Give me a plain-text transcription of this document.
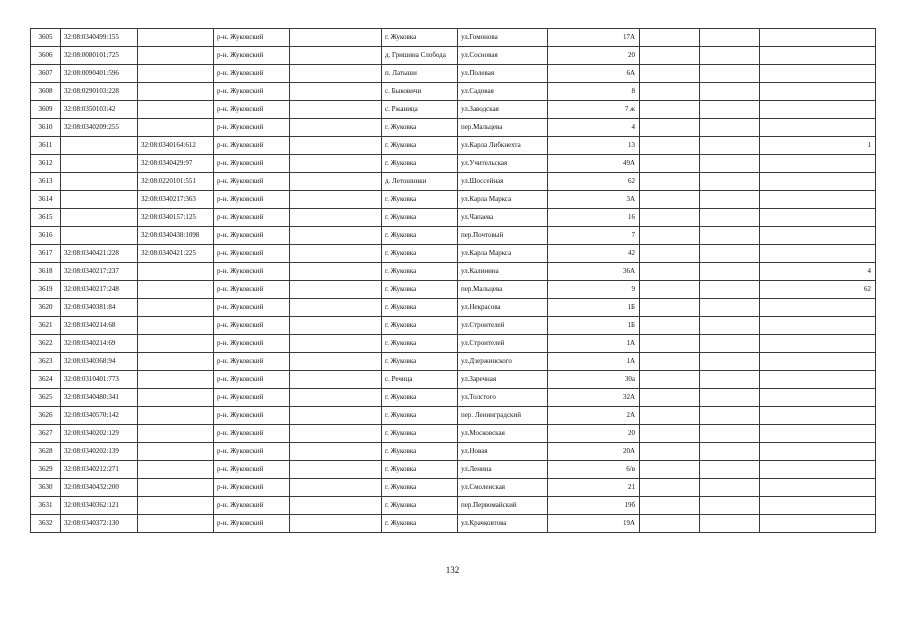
3605	32:08:0340499:155		р-н. Жуковский		г. Жуковка	ул.Гомонова	17А			
3606	32:08:0080101:725		р-н. Жуковский		д. Гришина Слобода	ул.Сосновая	20			
3607	32:08:0090401:596		р-н. Жуковский		п. Латыши	ул.Полевая	6А			
3608	32:08:0290103:228		р-н. Жуковский		с. Быковичи	ул.Садовая	8			
3609	32:08:0350103:42		р-н. Жуковский		с. Ржаница	ул.Заводская	7 ж			
3610	32:08:0340209:255		р-н. Жуковский		г. Жуковка	пер.Мальцева	4			
3611		32:08:0340164:612	р-н. Жуковский		г. Жуковка	ул.Карла Либкнехта	13			1
3612		32:08:0340429:97	р-н. Жуковский		г. Жуковка	ул.Учительская	49А			
3613		32:08:0220101:551	р-н. Жуковский		д. Летошники	ул.Шоссейная	62			
3614		32:08:0340217:363	р-н. Жуковский		г. Жуковка	ул.Карла Маркса	3А			
3615		32:08:0340157:125	р-н. Жуковский		г. Жуковка	ул.Чапаева	16			
3616		32:08:0340438:1098	р-н. Жуковский		г. Жуковка	пер.Почтовый	7			
3617	32:08:0340421:228	32:08:0340421:225	р-н. Жуковский		г. Жуковка	ул.Карла Маркса	42			
3618	32:08:0340217:237		р-н. Жуковский		г. Жуковка	ул.Калинина	36А			4
3619	32:08:0340217:248		р-н. Жуковский		г. Жуковка	пер.Мальцева	9			62
3620	32:08:0340381:84		р-н. Жуковский		г. Жуковка	ул.Некрасова	1Б			
3621	32:08:0340214:68		р-н. Жуковский		г. Жуковка	ул.Строителей	1Б			
3622	32:08:0340214:69		р-н. Жуковский		г. Жуковка	ул.Строителей	1А			
3623	32:08:0340368:94		р-н. Жуковский		г. Жуковка	ул.Дзержинского	1А			
3624	32:08:0310401:773		р-н. Жуковский		с. Речица	ул.Заречная	30а			
3625	32:08:0340480:341		р-н. Жуковский		г. Жуковка	ул.Толстого	32А			
3626	32:08:0340570:142		р-н. Жуковский		г. Жуковка	пер. Ленинградский	2А			
3627	32:08:0340202:129		р-н. Жуковский		г. Жуковка	ул.Московская	20			
3628	32:08:0340202:139		р-н. Жуковский		г. Жуковка	ул.Новая	20А			
3629	32:08:0340212:271		р-н. Жуковский		г. Жуковка	ул.Ленина	6/в			
3630	32:08:0340432:200		р-н. Жуковский		г. Жуковка	ул.Смоленская	21			
3631	32:08:0340362:121		р-н. Жуковский		г. Жуковка	пер.Первомайский	19б			
3632	32:08:0340372:130		р-н. Жуковский		г. Жуковка	ул.Крачковтова	19А			
132
